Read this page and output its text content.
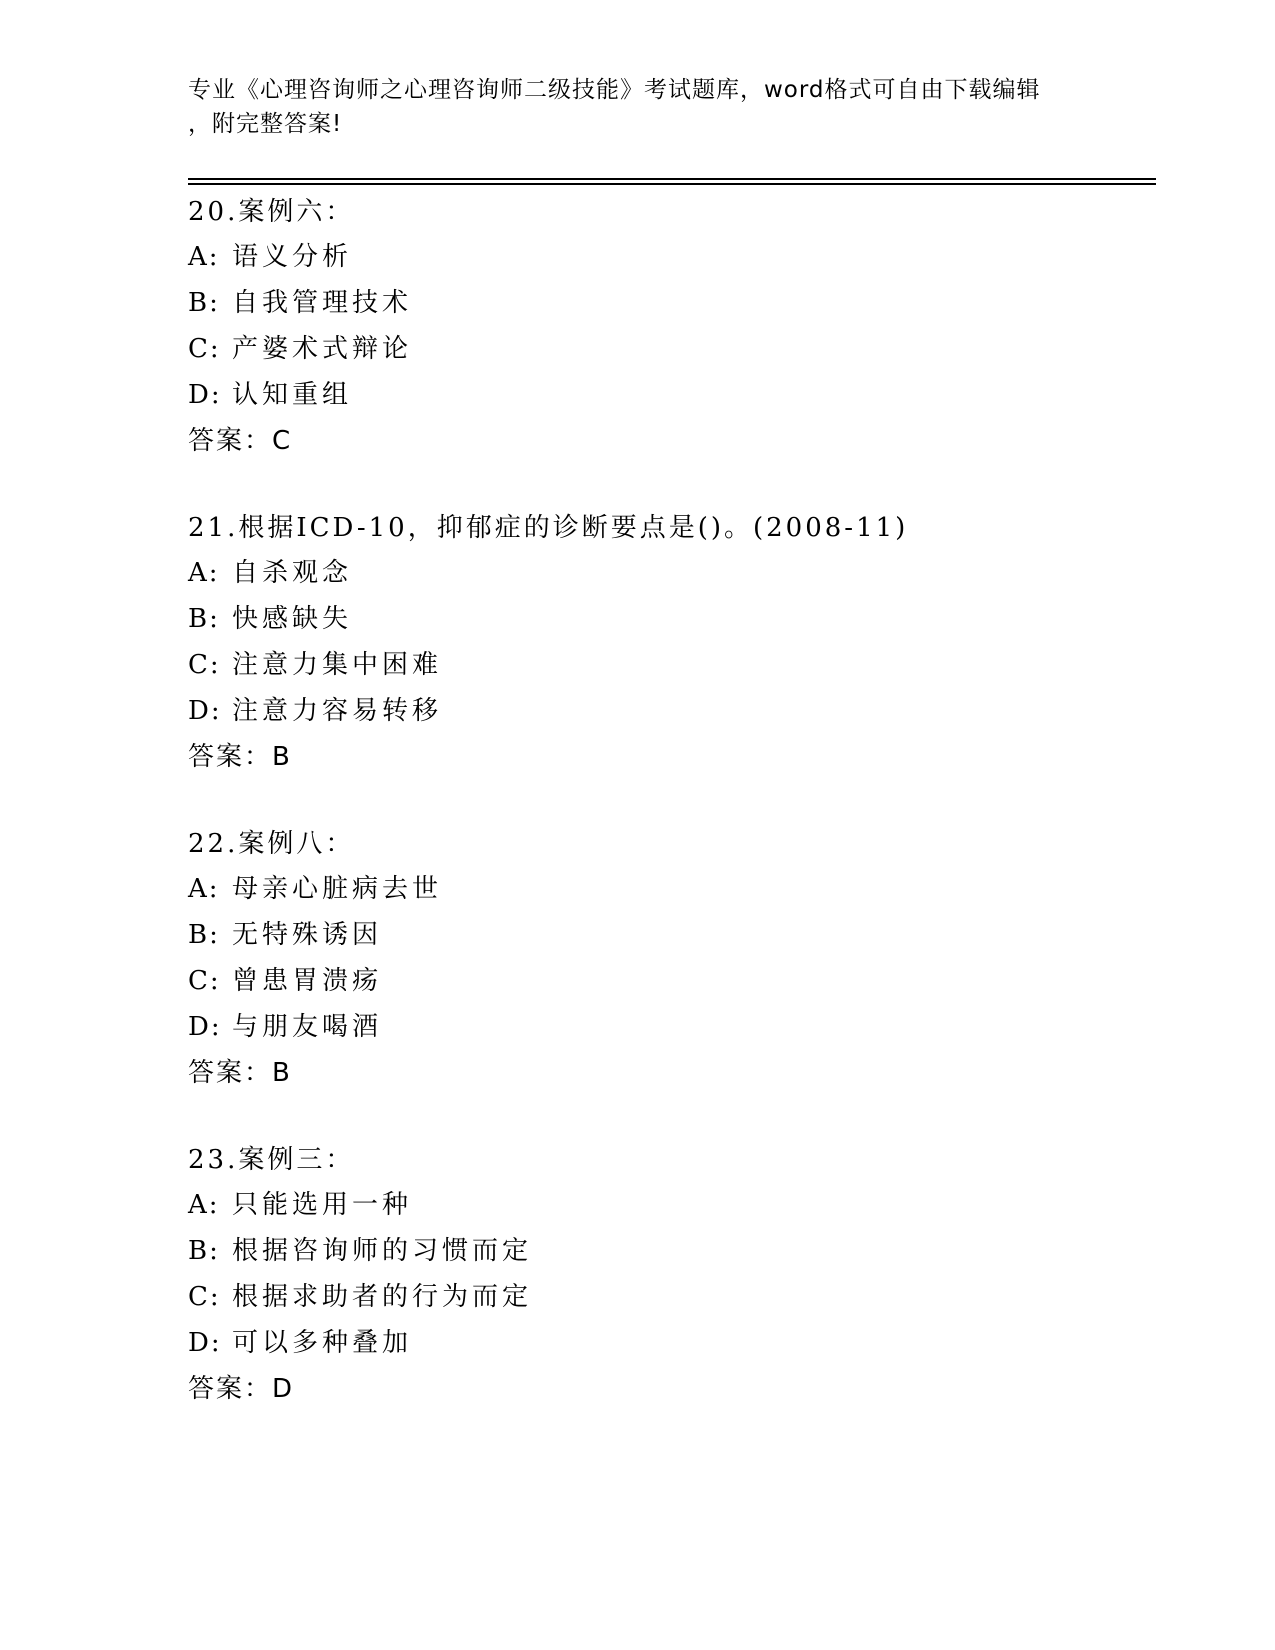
专业《心理咨询师之心理咨询师二级技能》考试题库，word格式可自由下载编辑
，附完整答案!
20.案例六：
A: 语义分析
B: 自我管理技术
C: 产婆术式辩论
D: 认知重组
答案：C
21.根据ICD-10，抑郁症的诊断要点是()。(2008-11)
A: 自杀观念
B: 快感缺失
C: 注意力集中困难
D: 注意力容易转移
答案：B
22.案例八：
A: 母亲心脏病去世
B: 无特殊诱因
C: 曾患胃溃疡
D: 与朋友喝酒
答案：B
23.案例三：
A: 只能选用一种
B: 根据咨询师的习惯而定
C: 根据求助者的行为而定
D: 可以多种叠加
答案：D
